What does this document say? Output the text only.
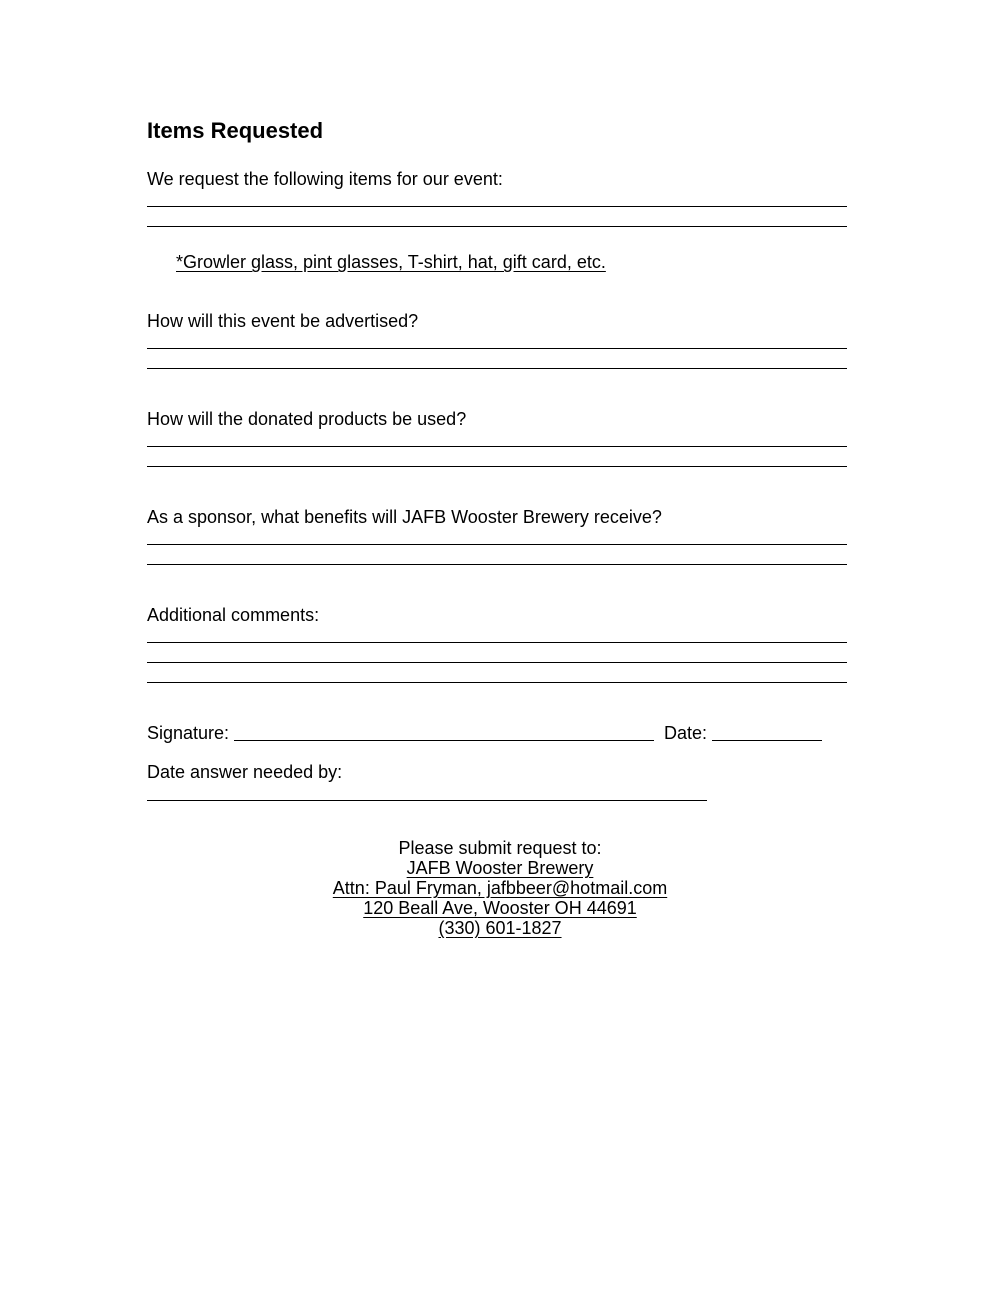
Items Requested
We request the following items for our event:
*Growler glass, pint glasses, T-shirt, hat, gift card, etc.
How will this event be advertised?
How will the donated products be used?
As a sponsor, what benefits will JAFB Wooster Brewery receive?
Additional comments:
Signature:	Date:
Date answer needed by:
Please submit request to:
JAFB Wooster Brewery
Attn: Paul Fryman, jafbbeer@hotmail.com
120 Beall Ave, Wooster OH 44691
(330) 601-1827
